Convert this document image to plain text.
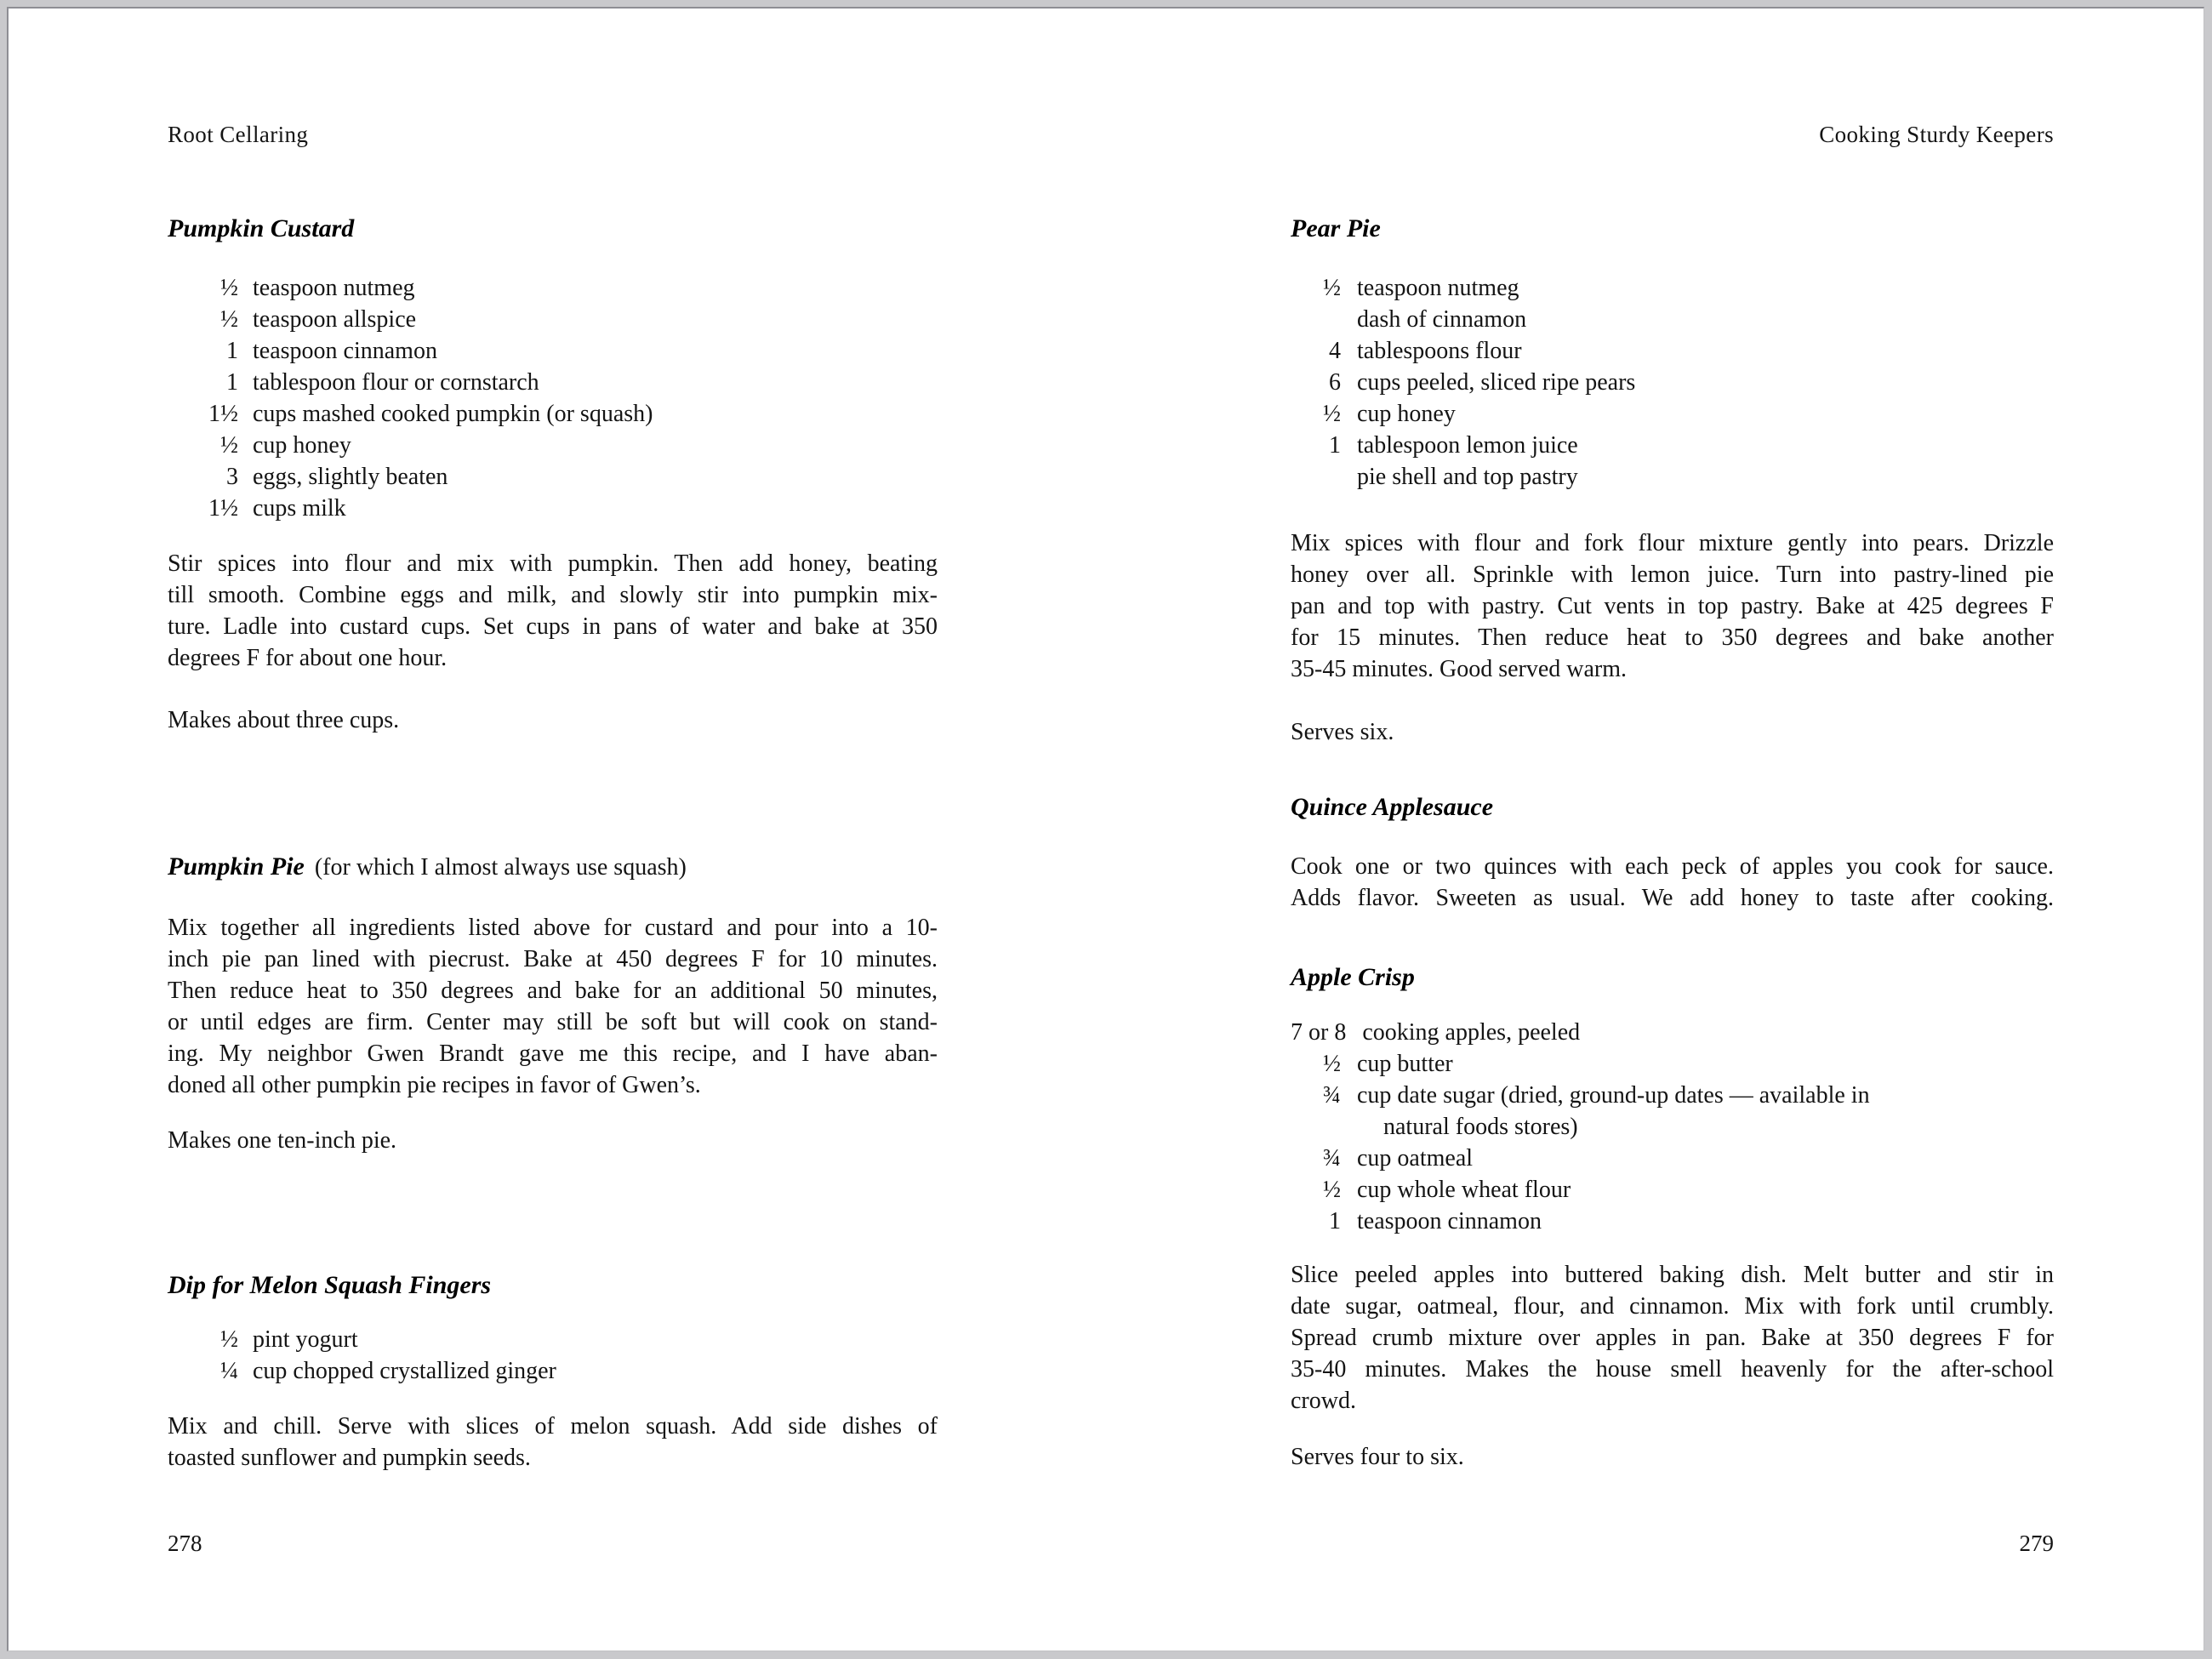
Root Cellaring
Pumpkin Custard
½ teaspoon nutmeg
½ teaspoon allspice
1 teaspoon cinnamon
1 tablespoon flour or cornstarch
1½ cups mashed cooked pumpkin (or squash)
½ cup honey
3 eggs, slightly beaten
1½ cups milk
Stir spices into flour and mix with pumpkin. Then add honey, beating
till smooth. Combine eggs and milk, and slowly stir into pumpkin mix-
ture. Ladle into custard cups. Set cups in pans of water and bake at 350
degrees F for about one hour.
Makes about three cups.
Pumpkin Pie (for which I almost always use squash)
Mix together all ingredients listed above for custard and pour into a 10-
inch pie pan lined with piecrust. Bake at 450 degrees F for 10 minutes.
Then reduce heat to 350 degrees and bake for an additional 50 minutes,
or until edges are firm. Center may still be soft but will cook on stand-
ing. My neighbor Gwen Brandt gave me this recipe, and I have aban-
doned all other pumpkin pie recipes in favor of Gwen’s.
Makes one ten-inch pie.
Dip for Melon Squash Fingers
½ pint yogurt
¼ cup chopped crystallized ginger
Mix and chill. Serve with slices of melon squash. Add side dishes of
toasted sunflower and pumpkin seeds.
278
Cooking Sturdy Keepers
Pear Pie
½ teaspoon nutmeg
dash of cinnamon
4 tablespoons flour
6 cups peeled, sliced ripe pears
½ cup honey
1 tablespoon lemon juice
pie shell and top pastry
Mix spices with flour and fork flour mixture gently into pears. Drizzle
honey over all. Sprinkle with lemon juice. Turn into pastry-lined pie
pan and top with pastry. Cut vents in top pastry. Bake at 425 degrees F
for 15 minutes. Then reduce heat to 350 degrees and bake another
35-45 minutes. Good served warm.
Serves six.
Quince Applesauce
Cook one or two quinces with each peck of apples you cook for sauce.
Adds flavor. Sweeten as usual. We add honey to taste after cooking.
Apple Crisp
7 or 8 cooking apples, peeled
½ cup butter
¾ cup date sugar (dried, ground-up dates — available in
natural foods stores)
¾ cup oatmeal
½ cup whole wheat flour
1 teaspoon cinnamon
Slice peeled apples into buttered baking dish. Melt butter and stir in
date sugar, oatmeal, flour, and cinnamon. Mix with fork until crumbly.
Spread crumb mixture over apples in pan. Bake at 350 degrees F for
35-40 minutes. Makes the house smell heavenly for the after-school
crowd.
Serves four to six.
279
